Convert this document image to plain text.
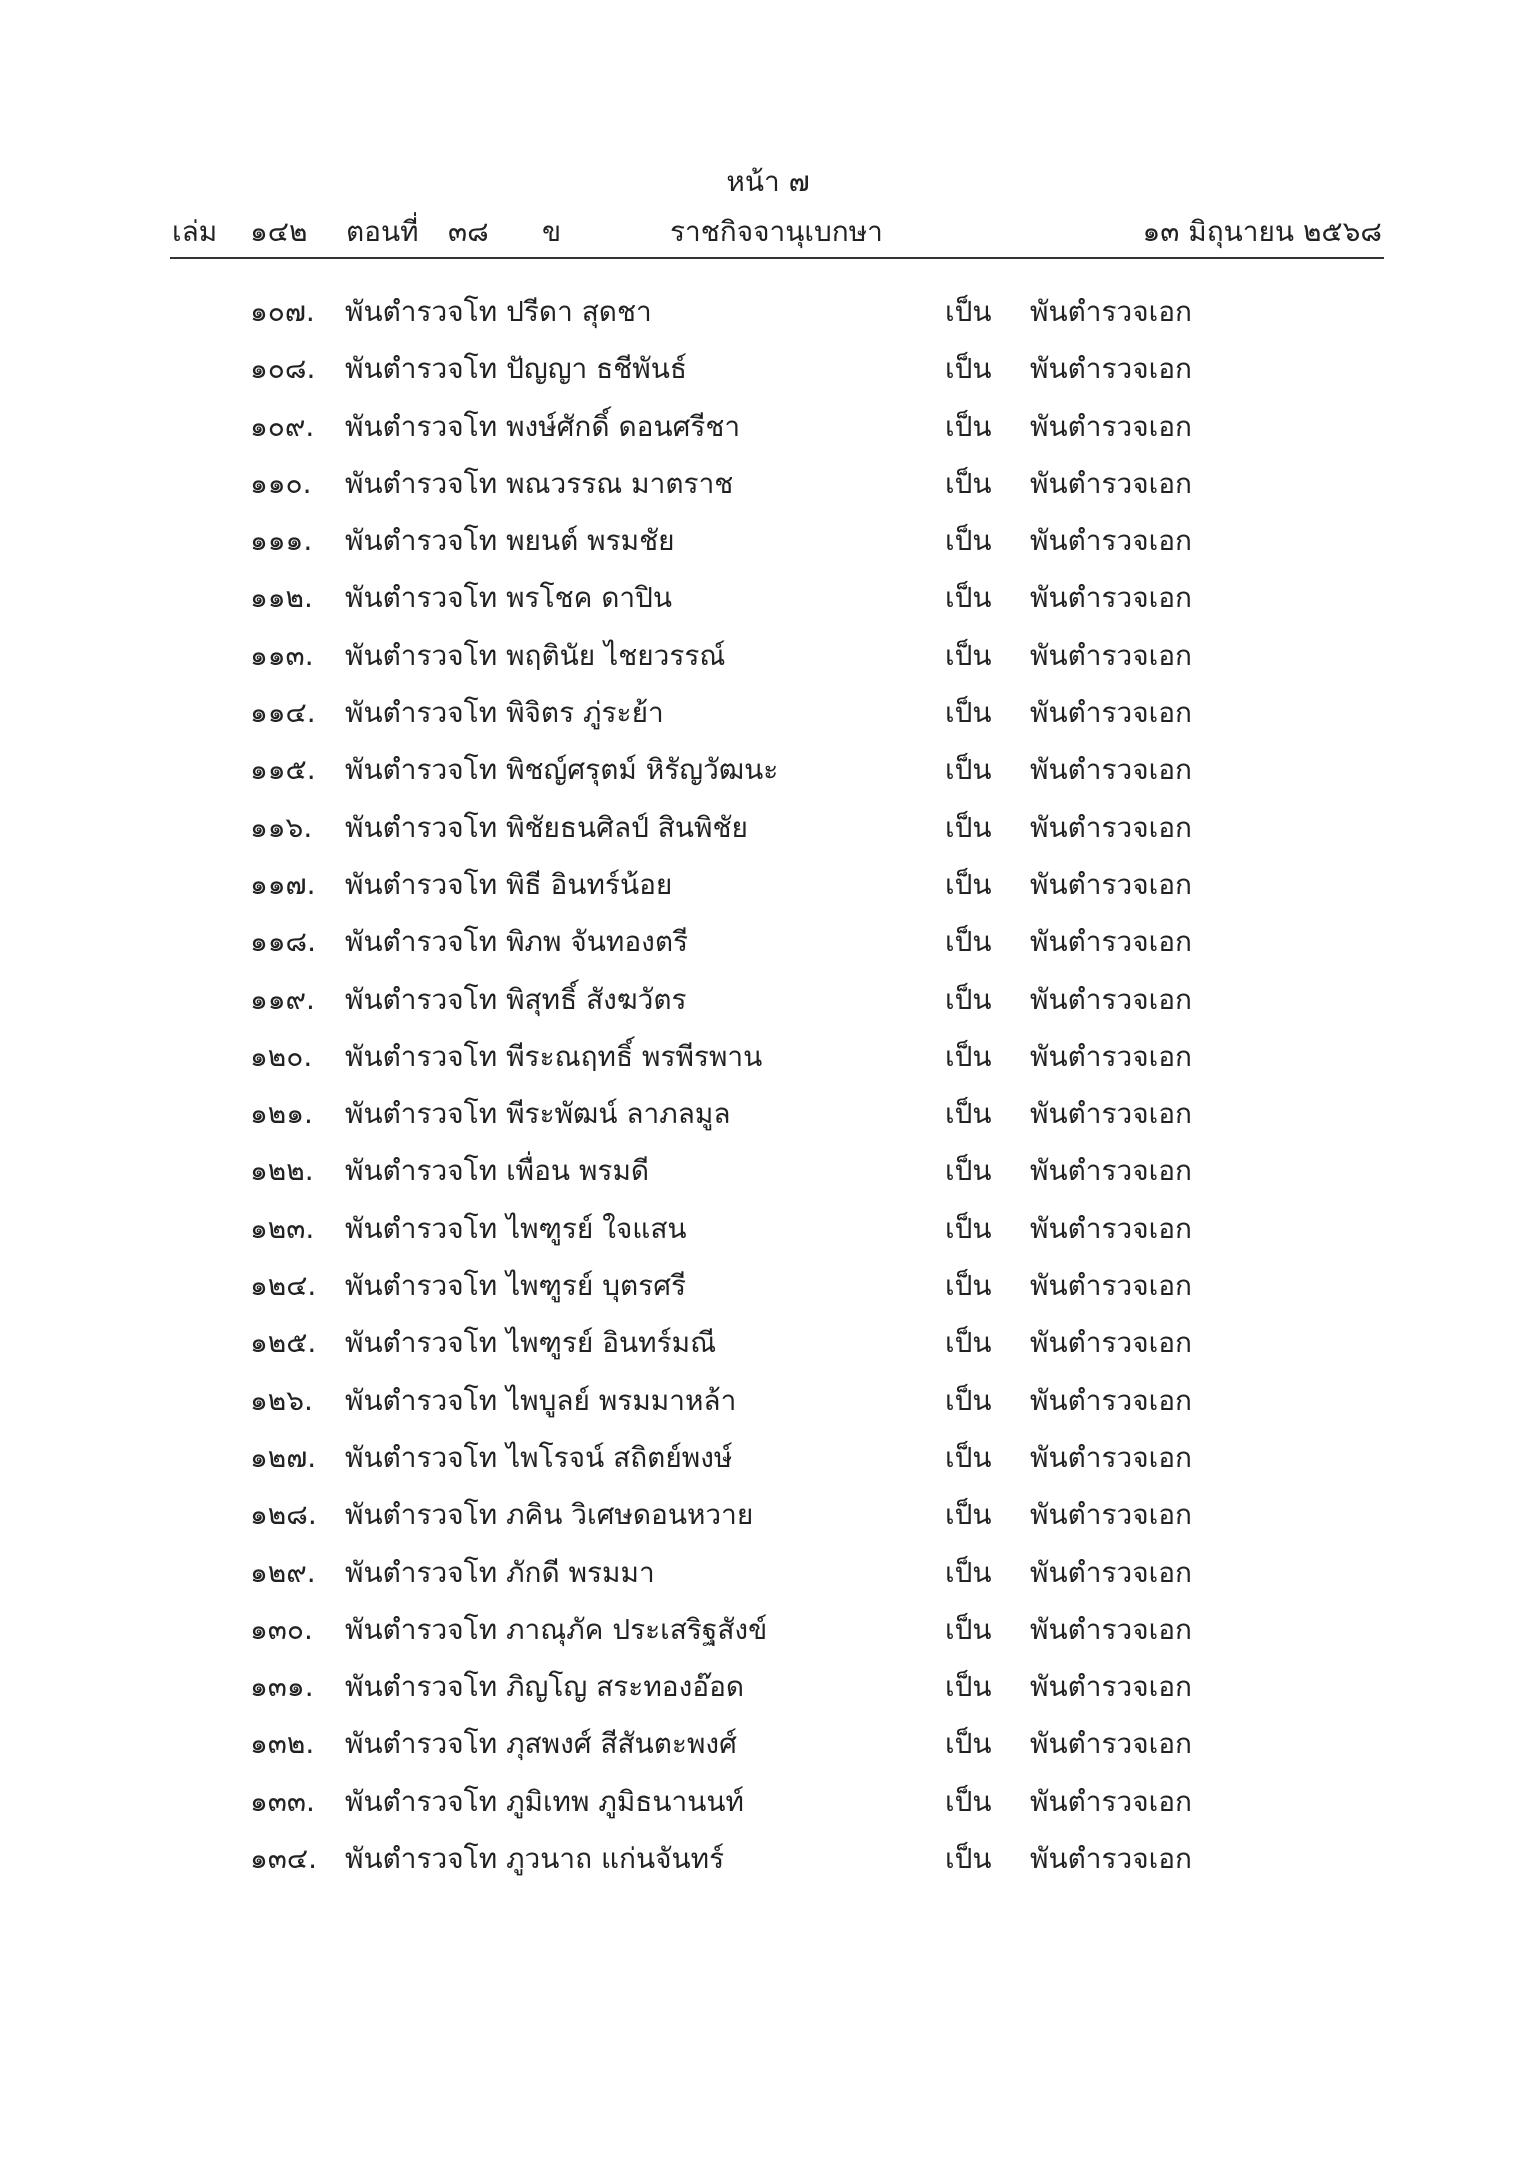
หน้า ๗
เล่ม ๑๔๒ ตอนที่ ๓๘ ข	ราชกิจจานุเบกษา	๑๓ มิถุนายน ๒๕๖๘
๑๐๗. พันตำรวจโท ปรีดา สุดชา	เป็น พันตำรวจเอก
๑๐๘. พันตำรวจโท ปัญญา ธชีพันธ์	เป็น พันตำรวจเอก
๑๐๙. พันตำรวจโท พงษ์ศักดิ์ ดอนศรีชา	เป็น พันตำรวจเอก
๑๑๐. พันตำรวจโท พณวรรณ มาตราช	เป็น พันตำรวจเอก
๑๑๑. พันตำรวจโท พยนต์ พรมชัย	เป็น พันตำรวจเอก
๑๑๒. พันตำรวจโท พรโชค ดาปิน	เป็น พันตำรวจเอก
๑๑๓. พันตำรวจโท พฤตินัย ไชยวรรณ์	เป็น พันตำรวจเอก
๑๑๔. พันตำรวจโท พิจิตร ภู่ระย้า	เป็น พันตำรวจเอก
๑๑๕. พันตำรวจโท พิชญ์ศรุตม์ หิรัญวัฒนะ	เป็น พันตำรวจเอก
๑๑๖. พันตำรวจโท พิชัยธนศิลป์ สินพิชัย	เป็น พันตำรวจเอก
๑๑๗. พันตำรวจโท พิธี อินทร์น้อย	เป็น พันตำรวจเอก
๑๑๘. พันตำรวจโท พิภพ จันทองตรี	เป็น พันตำรวจเอก
๑๑๙. พันตำรวจโท พิสุทธิ์ สังฆวัตร	เป็น พันตำรวจเอก
๑๒๐. พันตำรวจโท พีระณฤทธิ์ พรพีรพาน	เป็น พันตำรวจเอก
๑๒๑. พันตำรวจโท พีระพัฒน์ ลาภลมูล	เป็น พันตำรวจเอก
๑๒๒. พันตำรวจโท เพื่อน พรมดี	เป็น พันตำรวจเอก
๑๒๓. พันตำรวจโท ไพฑูรย์ ใจแสน	เป็น พันตำรวจเอก
๑๒๔. พันตำรวจโท ไพฑูรย์ บุตรศรี	เป็น พันตำรวจเอก
๑๒๕. พันตำรวจโท ไพฑูรย์ อินทร์มณี	เป็น พันตำรวจเอก
๑๒๖. พันตำรวจโท ไพบูลย์ พรมมาหล้า	เป็น พันตำรวจเอก
๑๒๗. พันตำรวจโท ไพโรจน์ สถิตย์พงษ์	เป็น พันตำรวจเอก
๑๒๘. พันตำรวจโท ภคิน วิเศษดอนหวาย	เป็น พันตำรวจเอก
๑๒๙. พันตำรวจโท ภักดี พรมมา	เป็น พันตำรวจเอก
๑๓๐. พันตำรวจโท ภาณุภัค ประเสริฐสังข์	เป็น พันตำรวจเอก
๑๓๑. พันตำรวจโท ภิญโญ สระทองอ๊อด	เป็น พันตำรวจเอก
๑๓๒. พันตำรวจโท ภุสพงศ์ สีสันตะพงศ์	เป็น พันตำรวจเอก
๑๓๓. พันตำรวจโท ภูมิเทพ ภูมิธนานนท์	เป็น พันตำรวจเอก
๑๓๔. พันตำรวจโท ภูวนาถ แก่นจันทร์	เป็น พันตำรวจเอก
